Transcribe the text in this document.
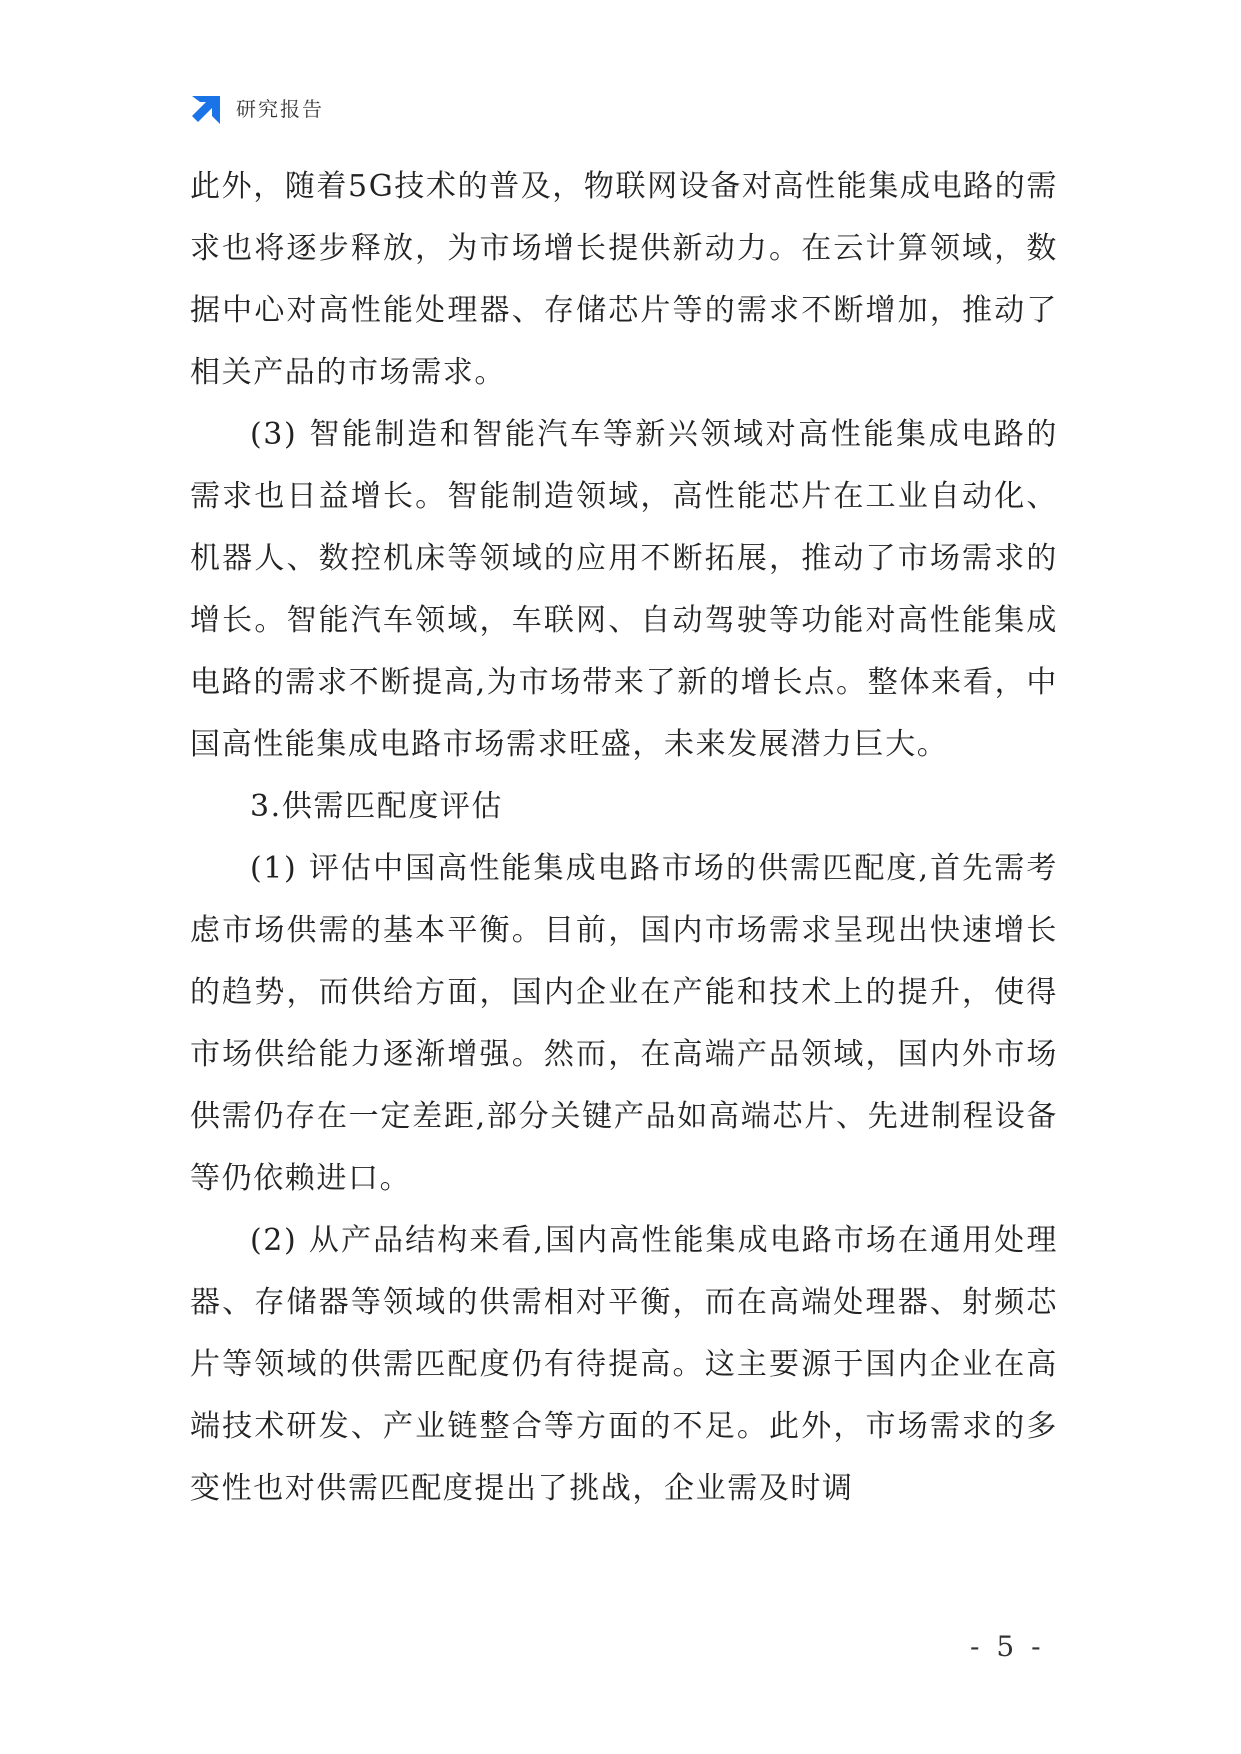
研究报告

此外，随着5G技术的普及，物联网设备对高性能集成电路的需求也将逐步释放，为市场增长提供新动力。在云计算领域，数据中心对高性能处理器、存储芯片等的需求不断增加，推动了相关产品的市场需求。

(3) 智能制造和智能汽车等新兴领域对高性能集成电路的需求也日益增长。智能制造领域，高性能芯片在工业自动化、机器人、数控机床等领域的应用不断拓展，推动了市场需求的增长。智能汽车领域，车联网、自动驾驶等功能对高性能集成电路的需求不断提高,为市场带来了新的增长点。整体来看，中国高性能集成电路市场需求旺盛，未来发展潜力巨大。

3.供需匹配度评估

(1) 评估中国高性能集成电路市场的供需匹配度,首先需考虑市场供需的基本平衡。目前，国内市场需求呈现出快速增长的趋势，而供给方面，国内企业在产能和技术上的提升，使得市场供给能力逐渐增强。然而，在高端产品领域，国内外市场供需仍存在一定差距,部分关键产品如高端芯片、先进制程设备等仍依赖进口。

(2) 从产品结构来看,国内高性能集成电路市场在通用处理器、存储器等领域的供需相对平衡，而在高端处理器、射频芯片等领域的供需匹配度仍有待提高。这主要源于国内企业在高端技术研发、产业链整合等方面的不足。此外，市场需求的多变性也对供需匹配度提出了挑战，企业需及时调

- 5 -
